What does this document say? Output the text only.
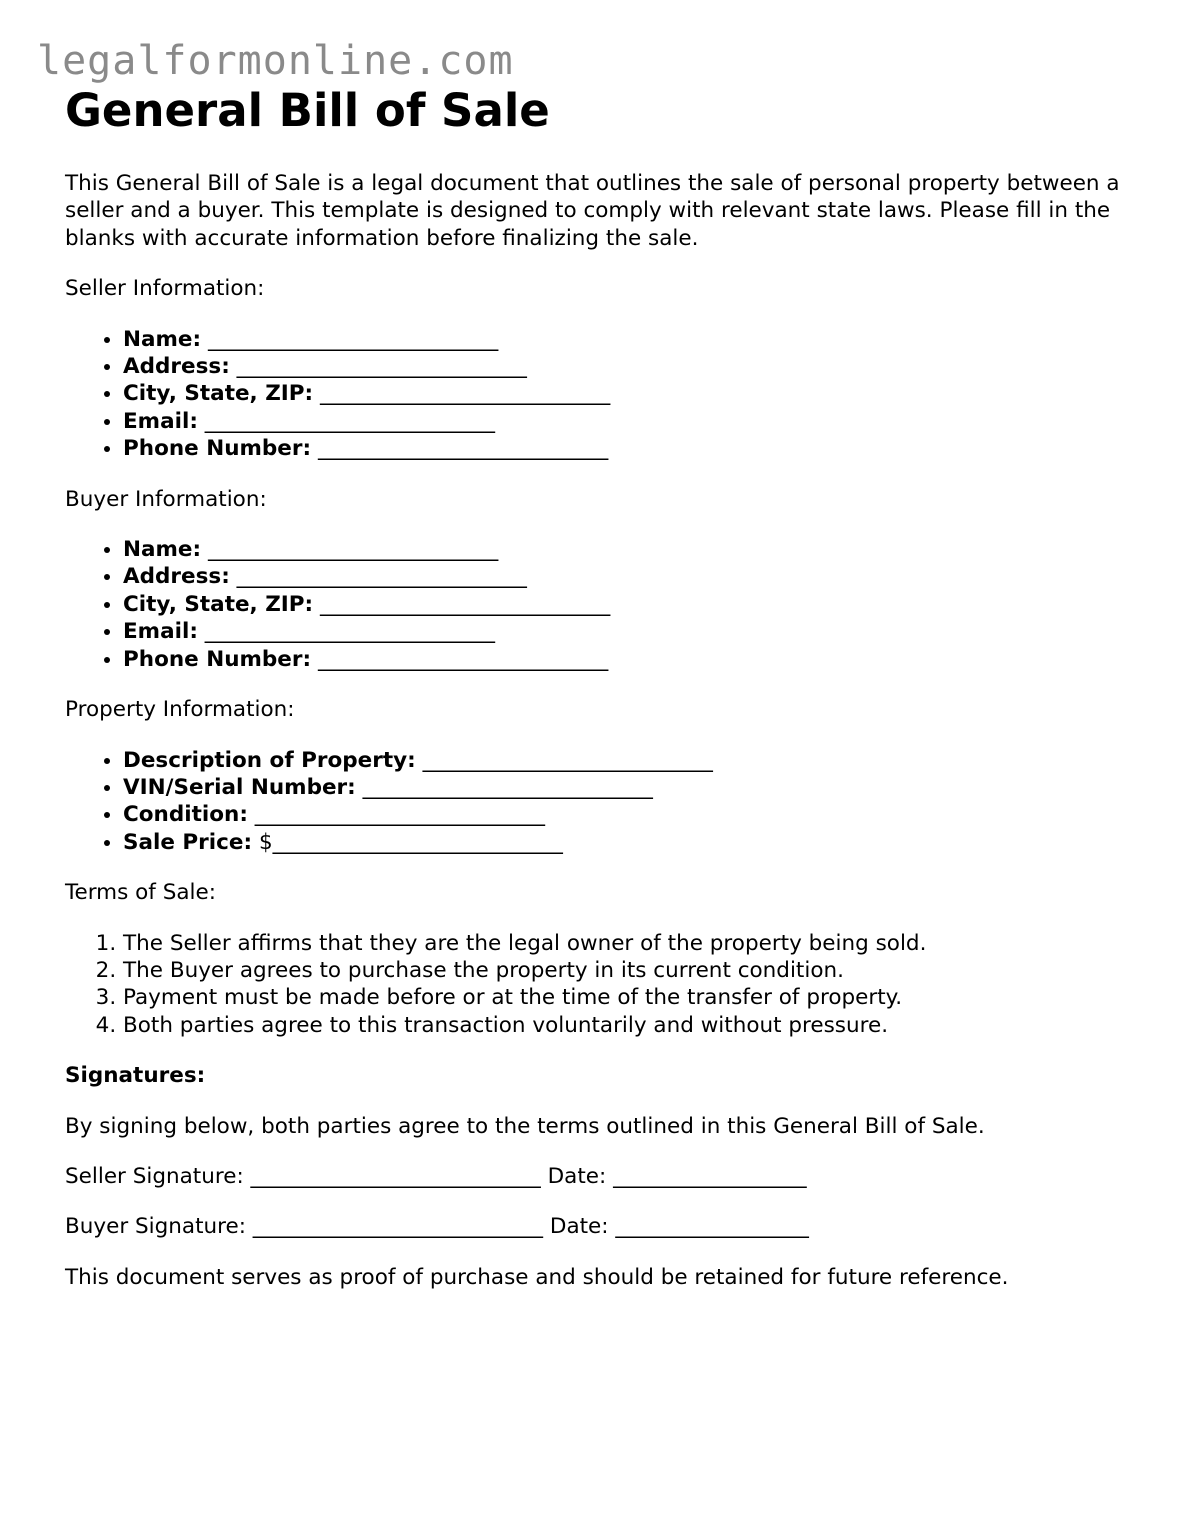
legalformonline.com
General Bill of Sale

This General Bill of Sale is a legal document that outlines the sale of personal property between a seller and a buyer. This template is designed to comply with relevant state laws. Please fill in the blanks with accurate information before finalizing the sale.

Seller Information:

• Name: ___________________________
• Address: ___________________________
• City, State, ZIP: ___________________________
• Email: ___________________________
• Phone Number: ___________________________

Buyer Information:

• Name: ___________________________
• Address: ___________________________
• City, State, ZIP: ___________________________
• Email: ___________________________
• Phone Number: ___________________________

Property Information:

• Description of Property: ___________________________
• VIN/Serial Number: ___________________________
• Condition: ___________________________
• Sale Price: $___________________________

Terms of Sale:

1. The Seller affirms that they are the legal owner of the property being sold.
2. The Buyer agrees to purchase the property in its current condition.
3. Payment must be made before or at the time of the transfer of property.
4. Both parties agree to this transaction voluntarily and without pressure.

Signatures:

By signing below, both parties agree to the terms outlined in this General Bill of Sale.

Seller Signature: ___________________________ Date: __________________

Buyer Signature: ___________________________ Date: __________________

This document serves as proof of purchase and should be retained for future reference.
